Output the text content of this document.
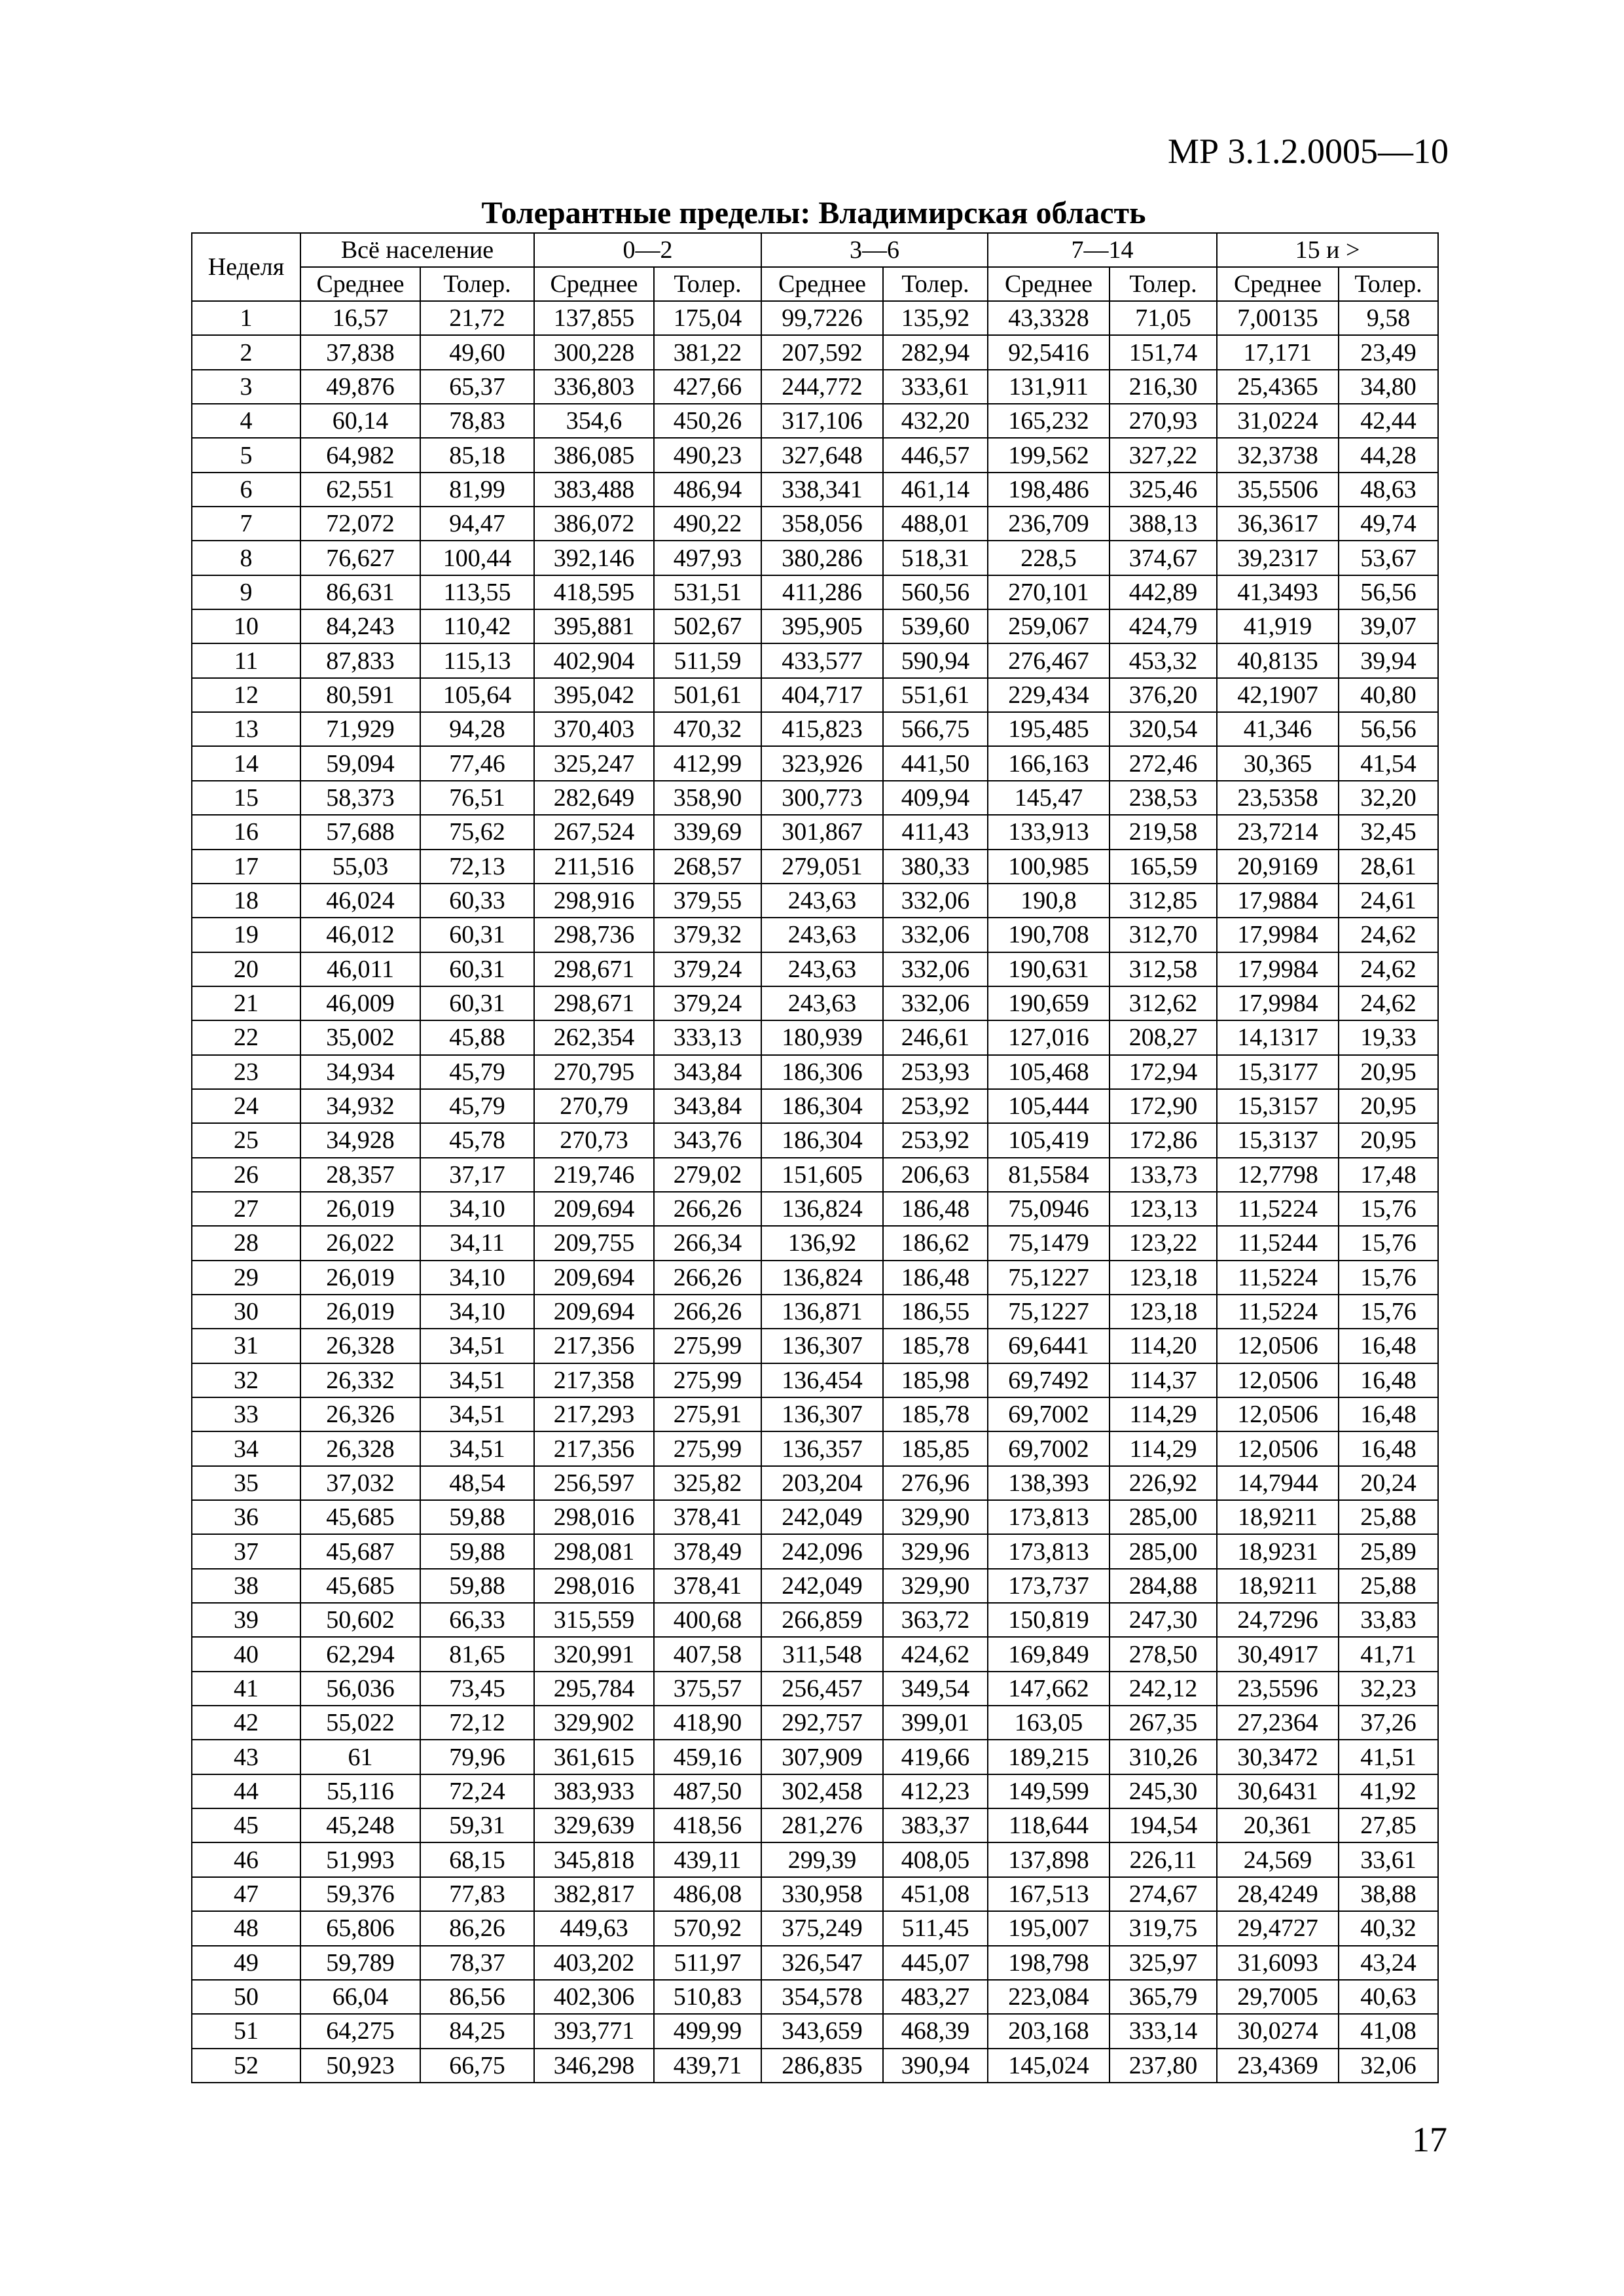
МР 3.1.2.0005—10
Толерантные пределы: Владимирская область
Неделя	Всё население		0—2		3—6		7—14		15 и >	
	Среднее	Толер.	Среднее	Толер.	Среднее	Толер.	Среднее	Толер.	Среднее	Толер.
1	16,57	21,72	137,855	175,04	99,7226	135,92	43,3328	71,05	7,00135	9,58
2	37,838	49,60	300,228	381,22	207,592	282,94	92,5416	151,74	17,171	23,49
3	49,876	65,37	336,803	427,66	244,772	333,61	131,911	216,30	25,4365	34,80
4	60,14	78,83	354,6	450,26	317,106	432,20	165,232	270,93	31,0224	42,44
5	64,982	85,18	386,085	490,23	327,648	446,57	199,562	327,22	32,3738	44,28
6	62,551	81,99	383,488	486,94	338,341	461,14	198,486	325,46	35,5506	48,63
7	72,072	94,47	386,072	490,22	358,056	488,01	236,709	388,13	36,3617	49,74
8	76,627	100,44	392,146	497,93	380,286	518,31	228,5	374,67	39,2317	53,67
9	86,631	113,55	418,595	531,51	411,286	560,56	270,101	442,89	41,3493	56,56
10	84,243	110,42	395,881	502,67	395,905	539,60	259,067	424,79	41,919	39,07
11	87,833	115,13	402,904	511,59	433,577	590,94	276,467	453,32	40,8135	39,94
12	80,591	105,64	395,042	501,61	404,717	551,61	229,434	376,20	42,1907	40,80
13	71,929	94,28	370,403	470,32	415,823	566,75	195,485	320,54	41,346	56,56
14	59,094	77,46	325,247	412,99	323,926	441,50	166,163	272,46	30,365	41,54
15	58,373	76,51	282,649	358,90	300,773	409,94	145,47	238,53	23,5358	32,20
16	57,688	75,62	267,524	339,69	301,867	411,43	133,913	219,58	23,7214	32,45
17	55,03	72,13	211,516	268,57	279,051	380,33	100,985	165,59	20,9169	28,61
18	46,024	60,33	298,916	379,55	243,63	332,06	190,8	312,85	17,9884	24,61
19	46,012	60,31	298,736	379,32	243,63	332,06	190,708	312,70	17,9984	24,62
20	46,011	60,31	298,671	379,24	243,63	332,06	190,631	312,58	17,9984	24,62
21	46,009	60,31	298,671	379,24	243,63	332,06	190,659	312,62	17,9984	24,62
22	35,002	45,88	262,354	333,13	180,939	246,61	127,016	208,27	14,1317	19,33
23	34,934	45,79	270,795	343,84	186,306	253,93	105,468	172,94	15,3177	20,95
24	34,932	45,79	270,79	343,84	186,304	253,92	105,444	172,90	15,3157	20,95
25	34,928	45,78	270,73	343,76	186,304	253,92	105,419	172,86	15,3137	20,95
26	28,357	37,17	219,746	279,02	151,605	206,63	81,5584	133,73	12,7798	17,48
27	26,019	34,10	209,694	266,26	136,824	186,48	75,0946	123,13	11,5224	15,76
28	26,022	34,11	209,755	266,34	136,92	186,62	75,1479	123,22	11,5244	15,76
29	26,019	34,10	209,694	266,26	136,824	186,48	75,1227	123,18	11,5224	15,76
30	26,019	34,10	209,694	266,26	136,871	186,55	75,1227	123,18	11,5224	15,76
31	26,328	34,51	217,356	275,99	136,307	185,78	69,6441	114,20	12,0506	16,48
32	26,332	34,51	217,358	275,99	136,454	185,98	69,7492	114,37	12,0506	16,48
33	26,326	34,51	217,293	275,91	136,307	185,78	69,7002	114,29	12,0506	16,48
34	26,328	34,51	217,356	275,99	136,357	185,85	69,7002	114,29	12,0506	16,48
35	37,032	48,54	256,597	325,82	203,204	276,96	138,393	226,92	14,7944	20,24
36	45,685	59,88	298,016	378,41	242,049	329,90	173,813	285,00	18,9211	25,88
37	45,687	59,88	298,081	378,49	242,096	329,96	173,813	285,00	18,9231	25,89
38	45,685	59,88	298,016	378,41	242,049	329,90	173,737	284,88	18,9211	25,88
39	50,602	66,33	315,559	400,68	266,859	363,72	150,819	247,30	24,7296	33,83
40	62,294	81,65	320,991	407,58	311,548	424,62	169,849	278,50	30,4917	41,71
41	56,036	73,45	295,784	375,57	256,457	349,54	147,662	242,12	23,5596	32,23
42	55,022	72,12	329,902	418,90	292,757	399,01	163,05	267,35	27,2364	37,26
43	61	79,96	361,615	459,16	307,909	419,66	189,215	310,26	30,3472	41,51
44	55,116	72,24	383,933	487,50	302,458	412,23	149,599	245,30	30,6431	41,92
45	45,248	59,31	329,639	418,56	281,276	383,37	118,644	194,54	20,361	27,85
46	51,993	68,15	345,818	439,11	299,39	408,05	137,898	226,11	24,569	33,61
47	59,376	77,83	382,817	486,08	330,958	451,08	167,513	274,67	28,4249	38,88
48	65,806	86,26	449,63	570,92	375,249	511,45	195,007	319,75	29,4727	40,32
49	59,789	78,37	403,202	511,97	326,547	445,07	198,798	325,97	31,6093	43,24
50	66,04	86,56	402,306	510,83	354,578	483,27	223,084	365,79	29,7005	40,63
51	64,275	84,25	393,771	499,99	343,659	468,39	203,168	333,14	30,0274	41,08
52	50,923	66,75	346,298	439,71	286,835	390,94	145,024	237,80	23,4369	32,06
17
